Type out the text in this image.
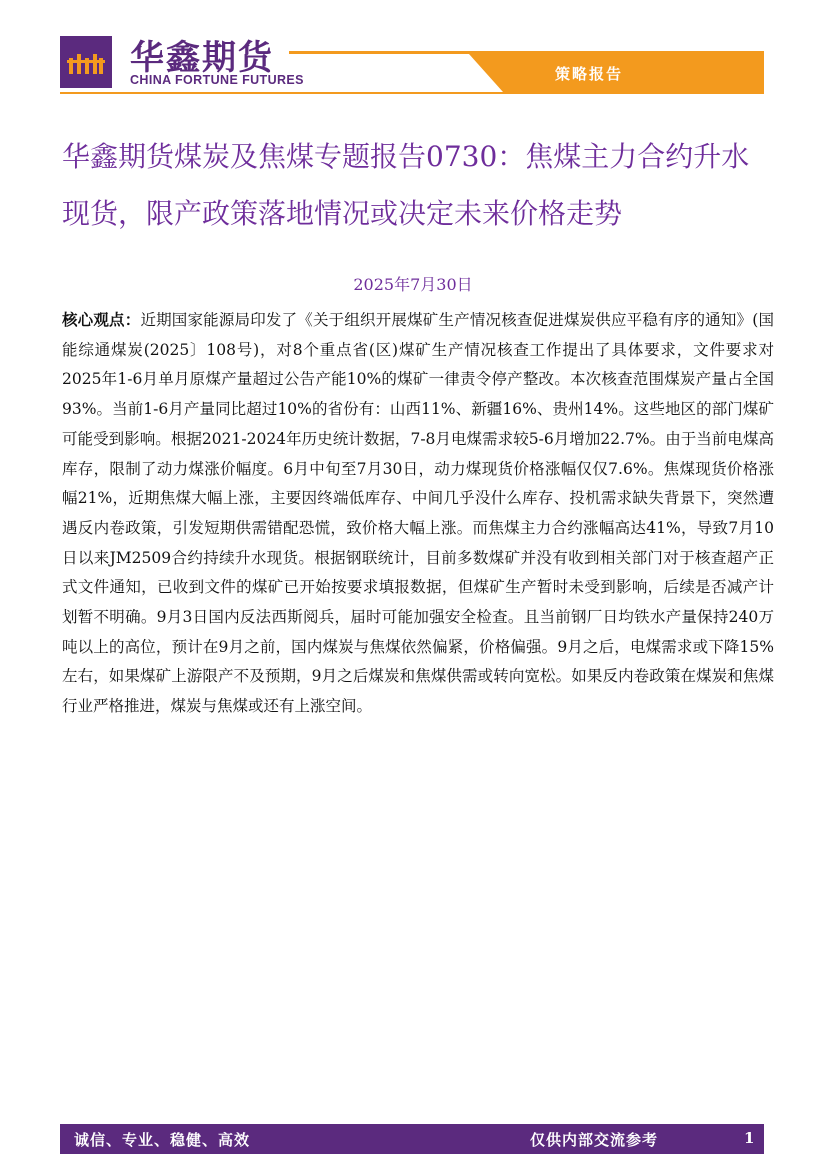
华鑫期货
CHINA FORTUNE FUTURES	策略报告
华鑫期货煤炭及焦煤专题报告0730：焦煤主力合约升水现货，限产政策落地情况或决定未来价格走势
2025年7月30日

核心观点：近期国家能源局印发了《关于组织开展煤矿生产情况核查促进煤炭供应平稳有序的通知》(国能综通煤炭(2025〕108号)，对8个重点省(区)煤矿生产情况核查工作提出了具体要求，文件要求对2025年1-6月单月原煤产量超过公告产能10%的煤矿一律责令停产整改。本次核查范围煤炭产量占全国93%。当前1-6月产量同比超过10%的省份有：山西11%、新疆16%、贵州14%。这些地区的部门煤矿可能受到影响。根据2021-2024年历史统计数据，7-8月电煤需求较5-6月增加22.7%。由于当前电煤高库存，限制了动力煤涨价幅度。6月中旬至7月30日，动力煤现货价格涨幅仅仅7.6%。焦煤现货价格涨幅21%，近期焦煤大幅上涨，主要因终端低库存、中间几乎没什么库存、投机需求缺失背景下，突然遭遇反内卷政策，引发短期供需错配恐慌，致价格大幅上涨。而焦煤主力合约涨幅高达41%，导致7月10日以来JM2509合约持续升水现货。根据钢联统计，目前多数煤矿并没有收到相关部门对于核查超产正式文件通知，已收到文件的煤矿已开始按要求填报数据，但煤矿生产暂时未受到影响，后续是否减产计划暂不明确。9月3日国内反法西斯阅兵，届时可能加强安全检查。且当前钢厂日均铁水产量保持240万吨以上的高位，预计在9月之前，国内煤炭与焦煤依然偏紧，价格偏强。9月之后，电煤需求或下降15%左右，如果煤矿上游限产不及预期，9月之后煤炭和焦煤供需或转向宽松。如果反内卷政策在煤炭和焦煤行业严格推进，煤炭与焦煤或还有上涨空间。

诚信、专业、稳健、高效	仅供内部交流参考	1
